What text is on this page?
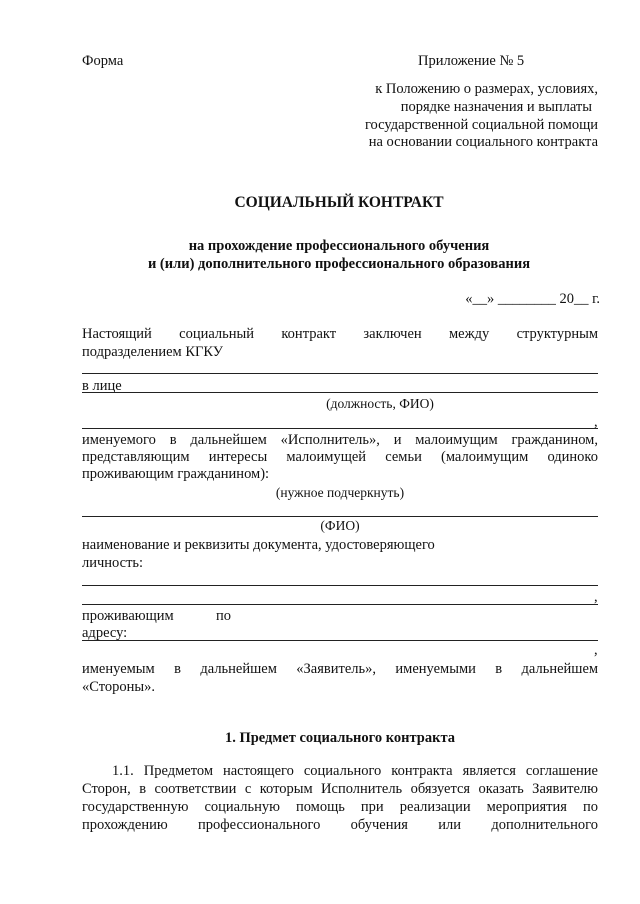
Форма	Приложение № 5
к Положению о размерах, условиях,
порядке назначения и выплаты
государственной социальной помощи
на основании социального контракта
СОЦИАЛЬНЫЙ КОНТРАКТ
на прохождение профессионального обучения
и (или) дополнительного профессионального образования
«__» ________ 20__ г.
Настоящий социальный контракт заключен между структурным
подразделением КГКУ
в лице
(должность, ФИО)
,
именуемого в дальнейшем «Исполнитель», и малоимущим гражданином,
представляющим интересы малоимущей семьи (малоимущим одиноко
проживающим гражданином):
(нужное подчеркнуть)
(ФИО)
наименование и реквизиты документа, удостоверяющего
личность:
,
проживающим	по
адресу:
,
именуемым в дальнейшем «Заявитель», именуемыми в дальнейшем
«Стороны».
1. Предмет социального контракта
1.1. Предметом настоящего социального контракта является соглашение
Сторон, в соответствии с которым Исполнитель обязуется оказать Заявителю
государственную социальную помощь при реализации мероприятия по
прохождению профессионального обучения или дополнительного
